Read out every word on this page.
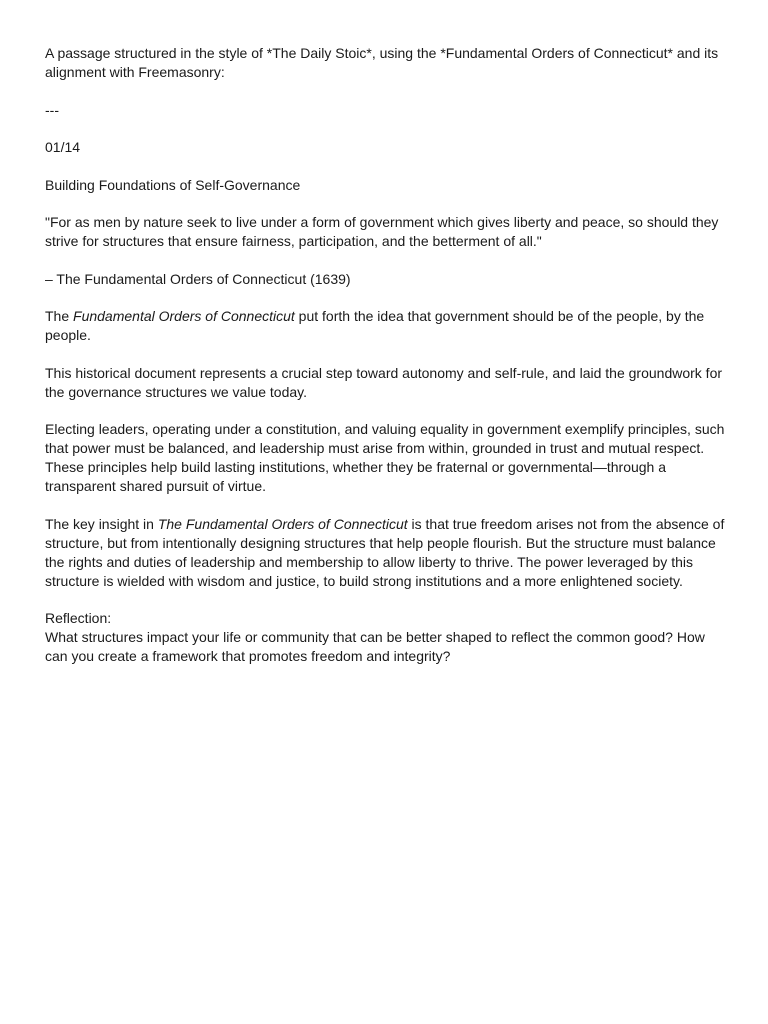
A passage structured in the style of *The Daily Stoic*, using the *Fundamental Orders of Connecticut* and its alignment with Freemasonry:

---

01/14

Building Foundations of Self-Governance

"For as men by nature seek to live under a form of government which gives liberty and peace, so should they strive for structures that ensure fairness, participation, and the betterment of all."

– The Fundamental Orders of Connecticut (1639)

The Fundamental Orders of Connecticut put forth the idea that government should be of the people, by the people.

This historical document represents a crucial step toward autonomy and self-rule, and laid the groundwork for the governance structures we value today.

Electing leaders, operating under a constitution, and valuing equality in government exemplify principles, such that power must be balanced, and leadership must arise from within, grounded in trust and mutual respect. These principles help build lasting institutions, whether they be fraternal or governmental—through a transparent shared pursuit of virtue.

The key insight in The Fundamental Orders of Connecticut is that true freedom arises not from the absence of structure, but from intentionally designing structures that help people flourish. But the structure must balance the rights and duties of leadership and membership to allow liberty to thrive. The power leveraged by this structure is wielded with wisdom and justice, to build strong institutions and a more enlightened society.

Reflection:

What structures impact your life or community that can be better shaped to reflect the common good? How can you create a framework that promotes freedom and integrity?
